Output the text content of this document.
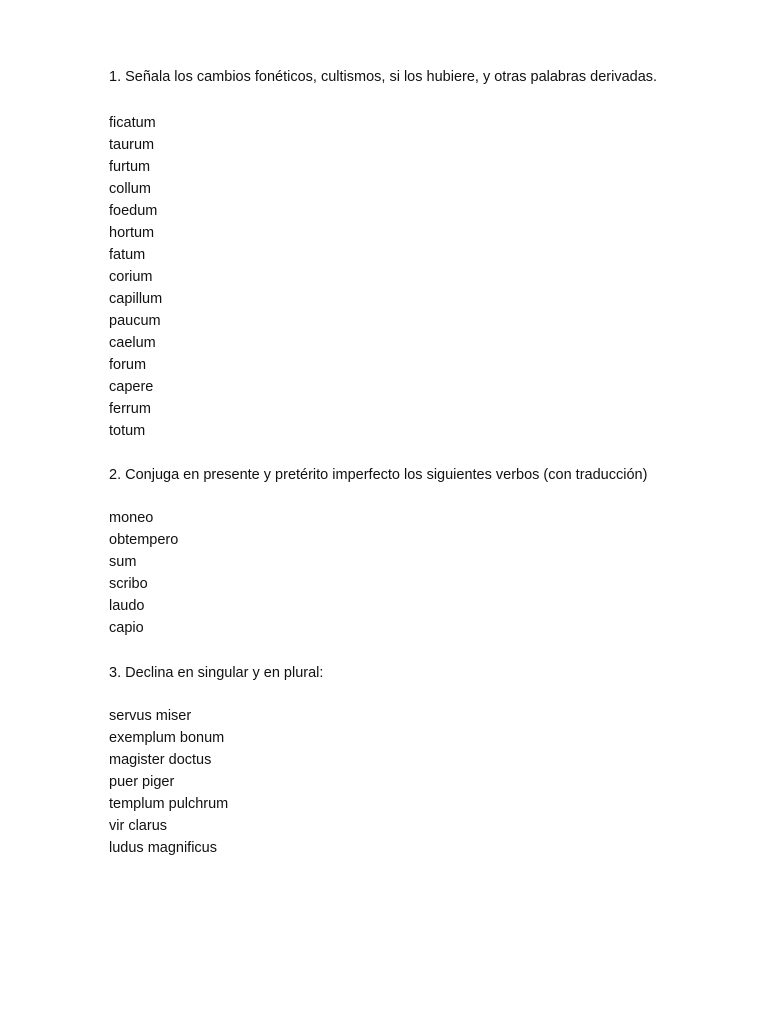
1. Señala los cambios fonéticos, cultismos, si los hubiere, y otras palabras derivadas.

ficatum
taurum
furtum
collum
foedum
hortum
fatum
corium
capillum
paucum
caelum
forum
capere
ferrum
totum

2. Conjuga en presente y pretérito imperfecto los siguientes verbos (con traducción)

moneo
obtempero
sum
scribo
laudo
capio

3. Declina en singular y en plural:

servus miser
exemplum bonum
magister doctus
puer piger
templum pulchrum
vir clarus
ludus magnificus
